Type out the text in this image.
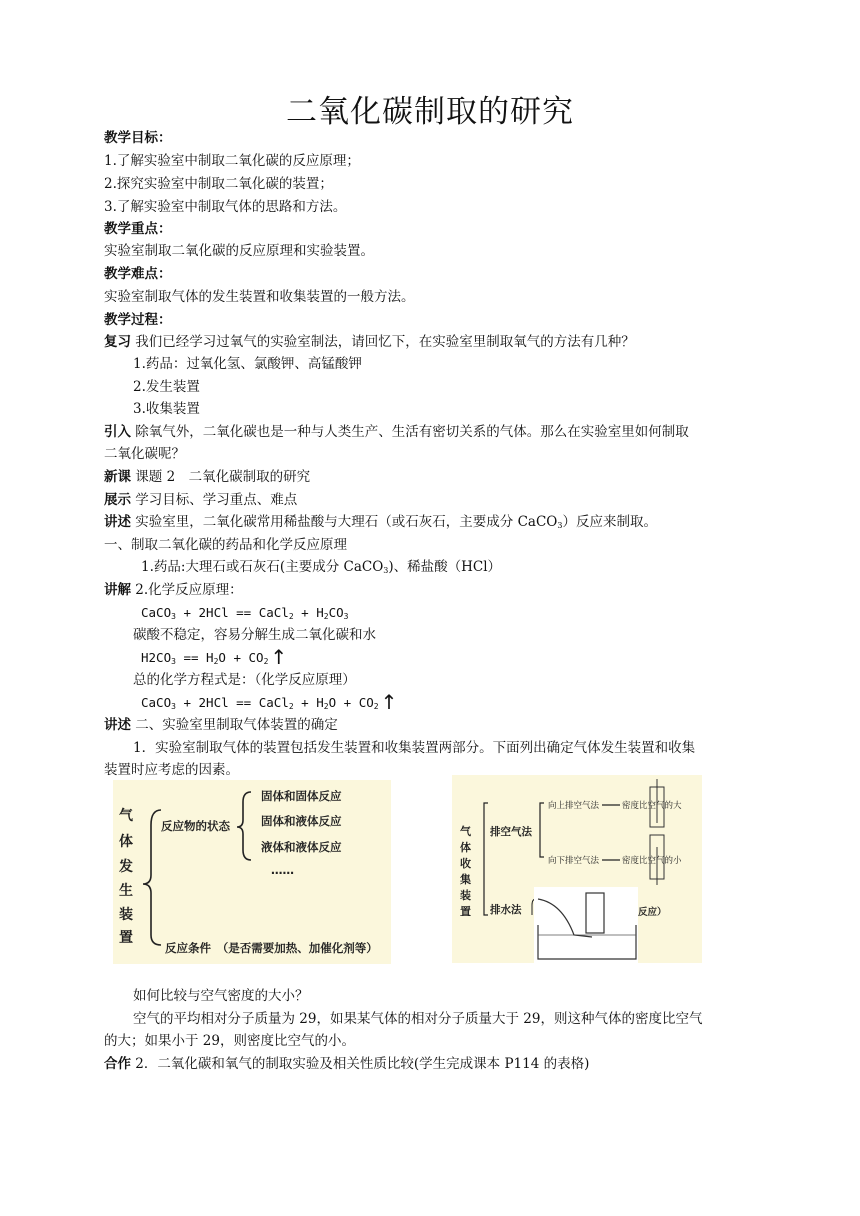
二氧化碳制取的研究
教学目标：
1.了解实验室中制取二氧化碳的反应原理；
2.探究实验室中制取二氧化碳的装置；
3.了解实验室中制取气体的思路和方法。
教学重点：
实验室制取二氧化碳的反应原理和实验装置。
教学难点：
实验室制取气体的发生装置和收集装置的一般方法。
教学过程：
复习 我们已经学习过氧气的实验室制法，请回忆下，在实验室里制取氧气的方法有几种？
1.药品：过氧化氢、氯酸钾、高锰酸钾
2.发生装置
3.收集装置
引入 除氧气外，二氧化碳也是一种与人类生产、生活有密切关系的气体。那么在实验室里如何制取
二氧化碳呢？
新课 课题 2　二氧化碳制取的研究
展示 学习目标、学习重点、难点
讲述 实验室里，二氧化碳常用稀盐酸与大理石（或石灰石，主要成分 CaCO$_3$）反应来制取。
一、制取二氧化碳的药品和化学反应原理
1.药品:大理石或石灰石(主要成分 CaCO$_3$)、稀盐酸（HCl）
讲解 2.化学反应原理：
CaCO$_3$ + 2HCl == CaCl$_2$ + $H_2CO_3$
碳酸不稳定，容易分解生成二氧化碳和水
$H2CO_3 == H_2O + CO_2$ ↑
总的化学方程式是：（化学反应原理）
CaCO$_3$ + 2HCl == CaCl$_2$ + $H_2O + CO_2$ ↑
讲述 二、实验室里制取气体装置的确定
1．实验室制取气体的装置包括发生装置和收集装置两部分。下面列出确定气体发生装置和收集
装置时应考虑的因素。
气
体
发
生
装
置
反应物的状态
固体和固体反应
固体和液体反应
液体和液体反应
……
反应条件　（是否需要加热、加催化剂等）
气
体
收
集
装
置
排空气法
向上排空气法	密度比空气的大
向下排空气法	密度比空气的小
排水法	反应）
如何比较与空气密度的大小？
空气的平均相对分子质量为 29，如果某气体的相对分子质量大于 29，则这种气体的密度比空气
的大；如果小于 29，则密度比空气的小。
合作 2．二氧化碳和氧气的制取实验及相关性质比较(学生完成课本 P114 的表格)
